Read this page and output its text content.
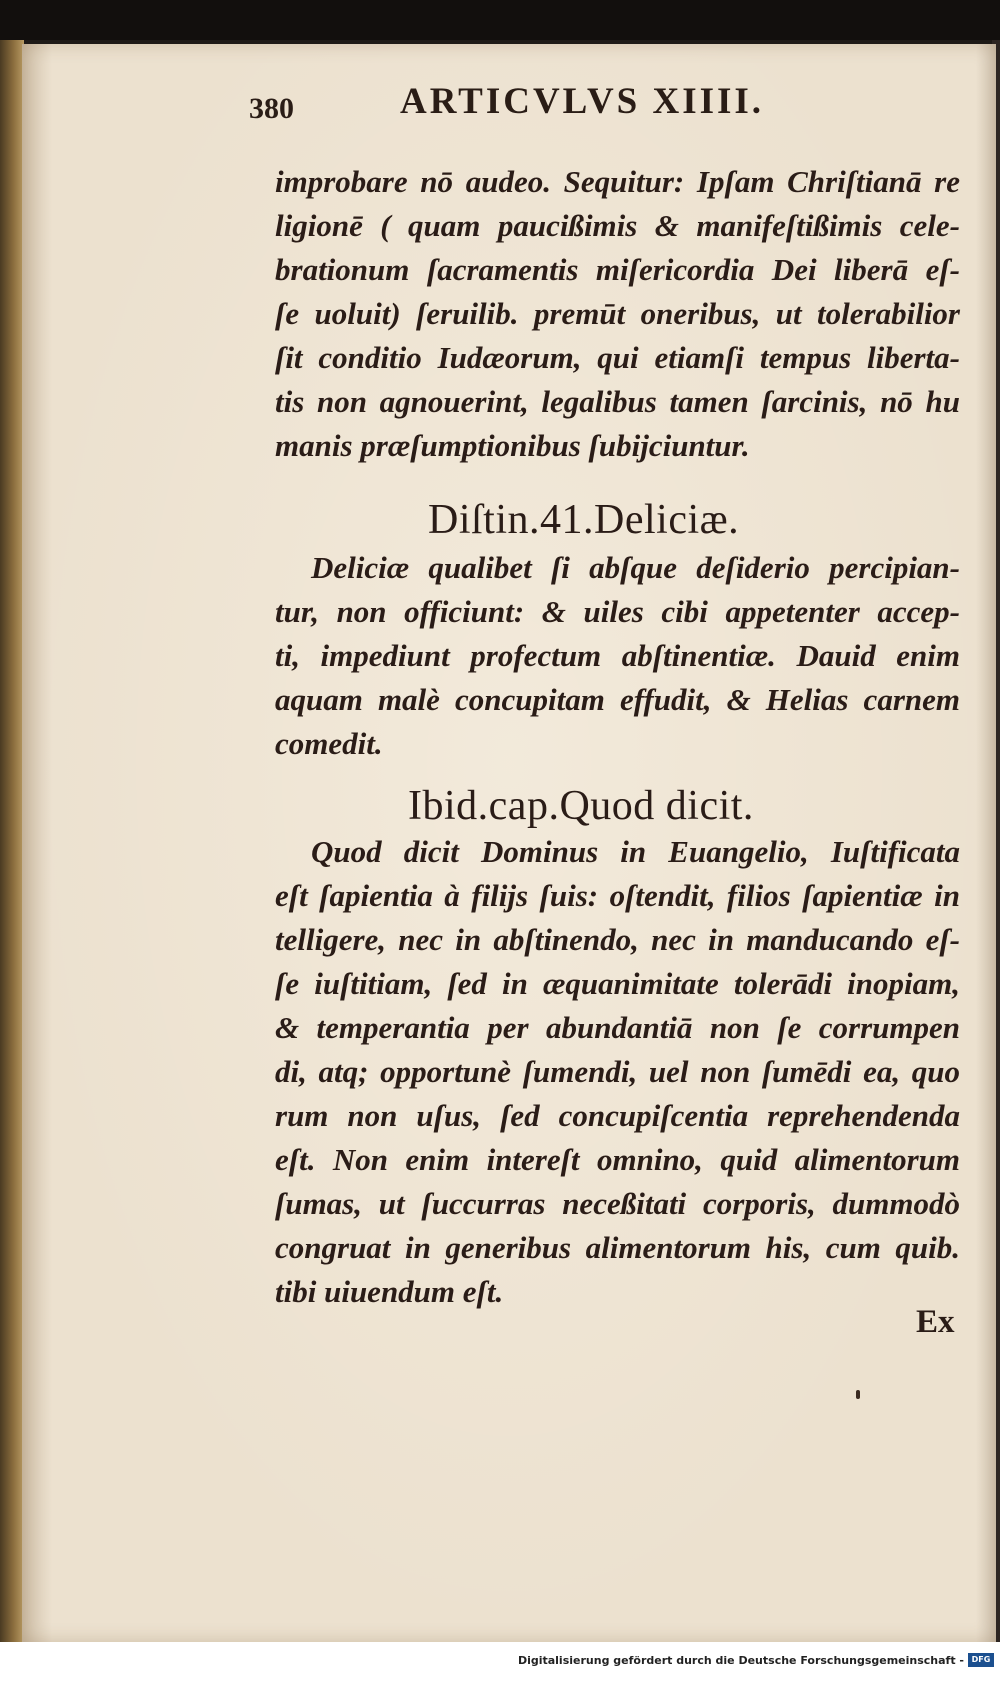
380	ARTICVLVS XIIII.
improbare nō audeo. Sequitur: Ipſam Chriſtianā re
ligionē ( quam paucißimis & manifeſtißimis cele-
brationum ſacramentis miſericordia Dei liberā eſ-
ſe uoluit) ſeruilib. premūt oneribus, ut tolerabilior
ſit conditio Iudæorum, qui etiamſi tempus liberta-
tis non agnouerint, legalibus tamen ſarcinis, nō hu
manis præſumptionibus ſubijciuntur.
Diſtin.41.Deliciæ.
Deliciæ qualibet ſi abſque deſiderio percipian-
tur, non officiunt: & uiles cibi appetenter accep-
ti, impediunt profectum abſtinentiæ. Dauid enim
aquam malè concupitam effudit, & Helias carnem
comedit.
Ibid.cap.Quod dicit.
Quod dicit Dominus in Euangelio, Iuſtificata
eſt ſapientia à filijs ſuis: oſtendit, filios ſapientiæ in
telligere, nec in abſtinendo, nec in manducando eſ-
ſe iuſtitiam, ſed in æquanimitate tolerādi inopiam,
& temperantia per abundantiā non ſe corrumpen
di, atq; opportunè ſumendi, uel non ſumēdi ea, quo
rum non uſus, ſed concupiſcentia reprehendenda
eſt. Non enim intereſt omnino, quid alimentorum
ſumas, ut ſuccurras neceßitati corporis, dummodò
congruat in generibus alimentorum his, cum quib.
tibi uiuendum eſt.
Ex
Digitalisierung gefördert durch die Deutsche Forschungsgemeinschaft - DFG
